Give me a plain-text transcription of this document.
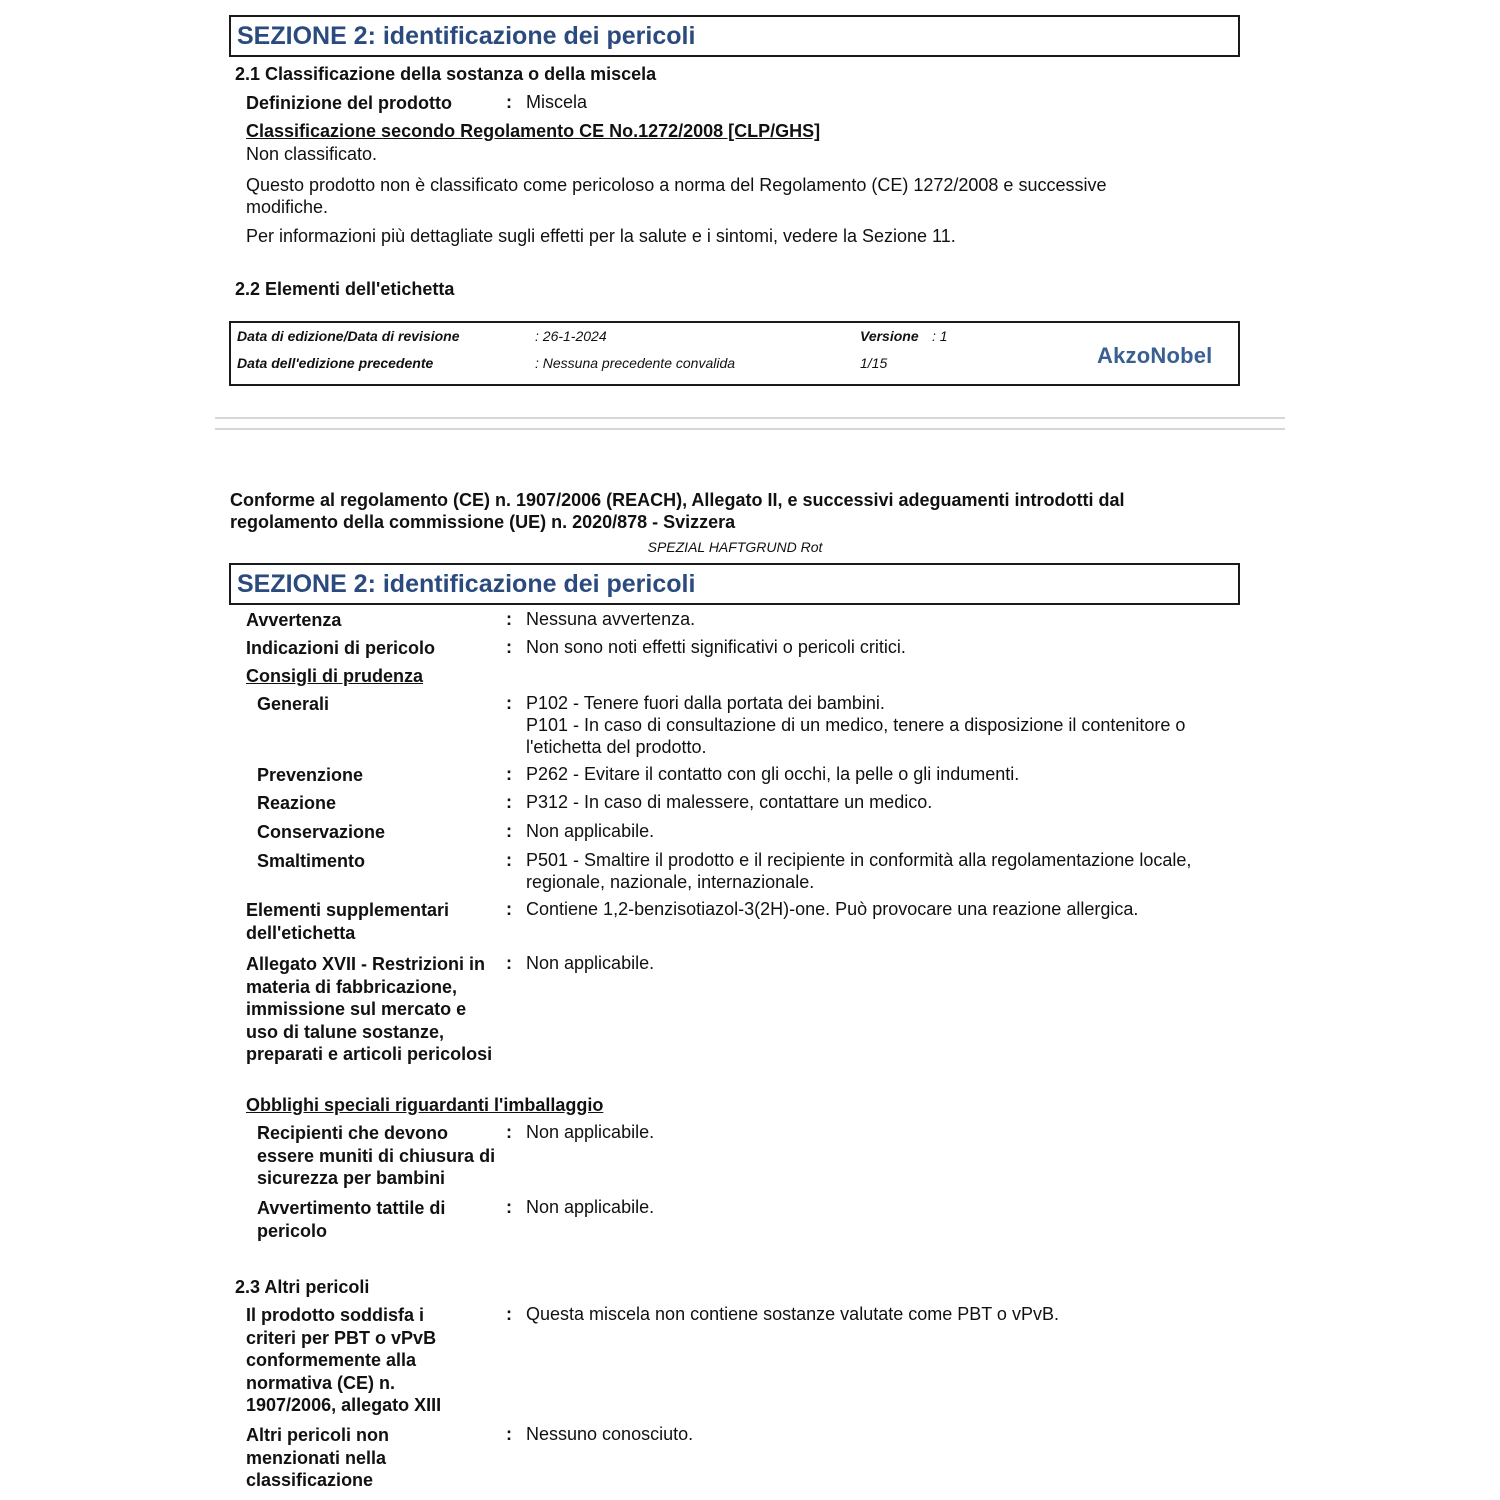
SEZIONE 2: identificazione dei pericoli
2.1 Classificazione della sostanza o della miscela
Definizione del prodotto	: Miscela
Classificazione secondo Regolamento CE No.1272/2008 [CLP/GHS]
Non classificato.
Questo prodotto non è classificato come pericoloso a norma del Regolamento (CE) 1272/2008 e successive modifiche.
Per informazioni più dettagliate sugli effetti per la salute e i sintomi, vedere la Sezione 11.
2.2 Elementi dell'etichetta
Data di edizione/Data di revisione	: 26-1-2024	Versione : 1
Data dell'edizione precedente	: Nessuna precedente convalida	1/15	AkzoNobel
Conforme al regolamento (CE) n. 1907/2006 (REACH), Allegato II, e successivi adeguamenti introdotti dal
regolamento della commissione (UE) n. 2020/878 - Svizzera
SPEZIAL HAFTGRUND Rot
SEZIONE 2: identificazione dei pericoli
Avvertenza	: Nessuna avvertenza.
Indicazioni di pericolo	: Non sono noti effetti significativi o pericoli critici.
Consigli di prudenza
Generali	: P102 - Tenere fuori dalla portata dei bambini.
P101 - In caso di consultazione di un medico, tenere a disposizione il contenitore o l'etichetta del prodotto.
Prevenzione	: P262 - Evitare il contatto con gli occhi, la pelle o gli indumenti.
Reazione	: P312 - In caso di malessere, contattare un medico.
Conservazione	: Non applicabile.
Smaltimento	: P501 - Smaltire il prodotto e il recipiente in conformità alla regolamentazione locale, regionale, nazionale, internazionale.
Elementi supplementari dell'etichetta
: Contiene 1,2-benzisotiazol-3(2H)-one. Può provocare una reazione allergica.
Allegato XVII - Restrizioni in materia di fabbricazione, immissione sul mercato e uso di talune sostanze, preparati e articoli pericolosi
: Non applicabile.
Obblighi speciali riguardanti l'imballaggio
Recipienti che devono essere muniti di chiusura di sicurezza per bambini
: Non applicabile.
Avvertimento tattile di pericolo
: Non applicabile.
2.3 Altri pericoli
Il prodotto soddisfa i criteri per PBT o vPvB conformemente alla normativa (CE) n. 1907/2006, allegato XIII
: Questa miscela non contiene sostanze valutate come PBT o vPvB.
Altri pericoli non menzionati nella classificazione
: Nessuno conosciuto.
